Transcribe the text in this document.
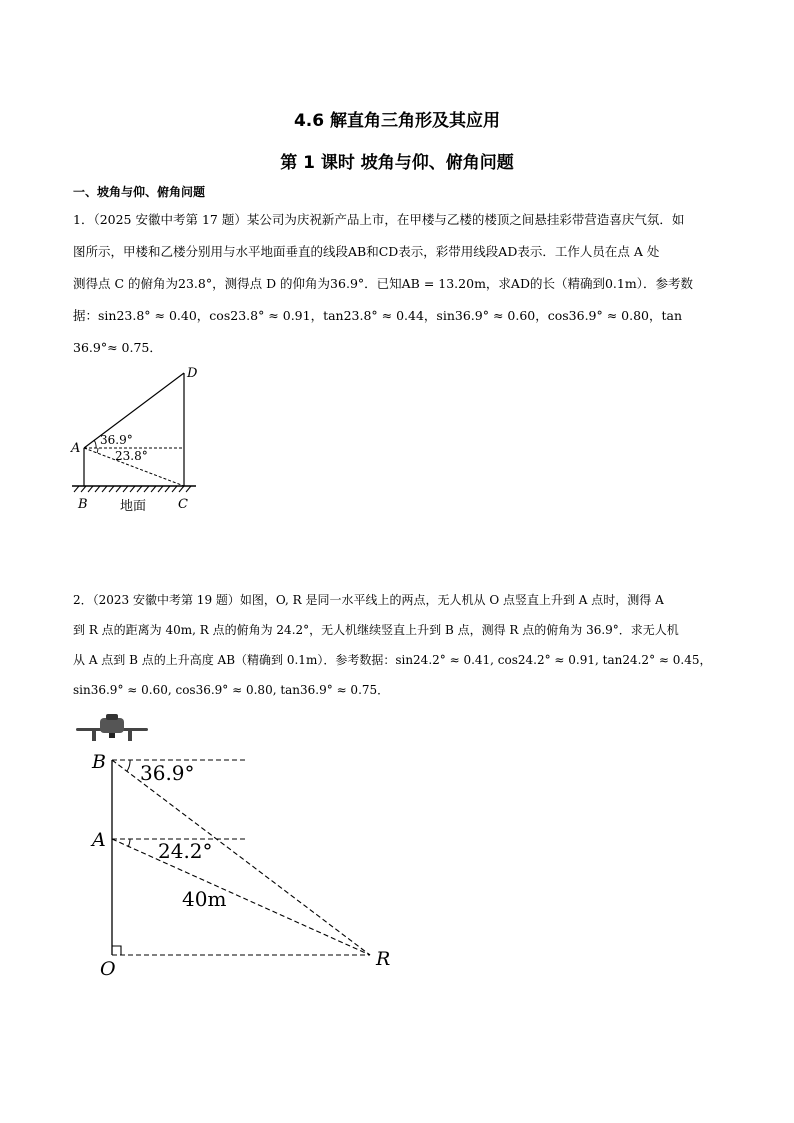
4.6 解直角三角形及其应用
第 1 课时 坡角与仰、俯角问题
一、坡角与仰、俯角问题
1．（2025 安徽中考第 17 题）某公司为庆祝新产品上市，在甲楼与乙楼的楼顶之间悬挂彩带营造喜庆气氛．如
图所示，甲楼和乙楼分别用与水平地面垂直的线段AB和CD表示，彩带用线段AD表示．工作人员在点 A 处
测得点 C 的俯角为23.8°，测得点 D 的仰角为36.9°．已知AB = 13.20m，求AD的长（精确到0.1m）．参考数
据：sin23.8° ≈ 0.40，cos23.8° ≈ 0.91，tan23.8° ≈ 0.44，sin36.9° ≈ 0.60，cos36.9° ≈ 0.80，tan
36.9°≈ 0.75．
D
A
B	C
36.9°
23.8°
地面
2．（2023 安徽中考第 19 题）如图，O, R 是同一水平线上的两点，无人机从 O 点竖直上升到 A 点时，测得 A
到 R 点的距离为 40m, R 点的俯角为 24.2°，无人机继续竖直上升到 B 点，测得 R 点的俯角为 36.9°．求无人机
从 A 点到 B 点的上升高度 AB（精确到 0.1m）．参考数据：sin24.2° ≈ 0.41, cos24.2° ≈ 0.91, tan24.2° ≈ 0.45，
sin36.9° ≈ 0.60, cos36.9° ≈ 0.80, tan36.9° ≈ 0.75．
B
A
O	R
36.9°
24.2°
40m
